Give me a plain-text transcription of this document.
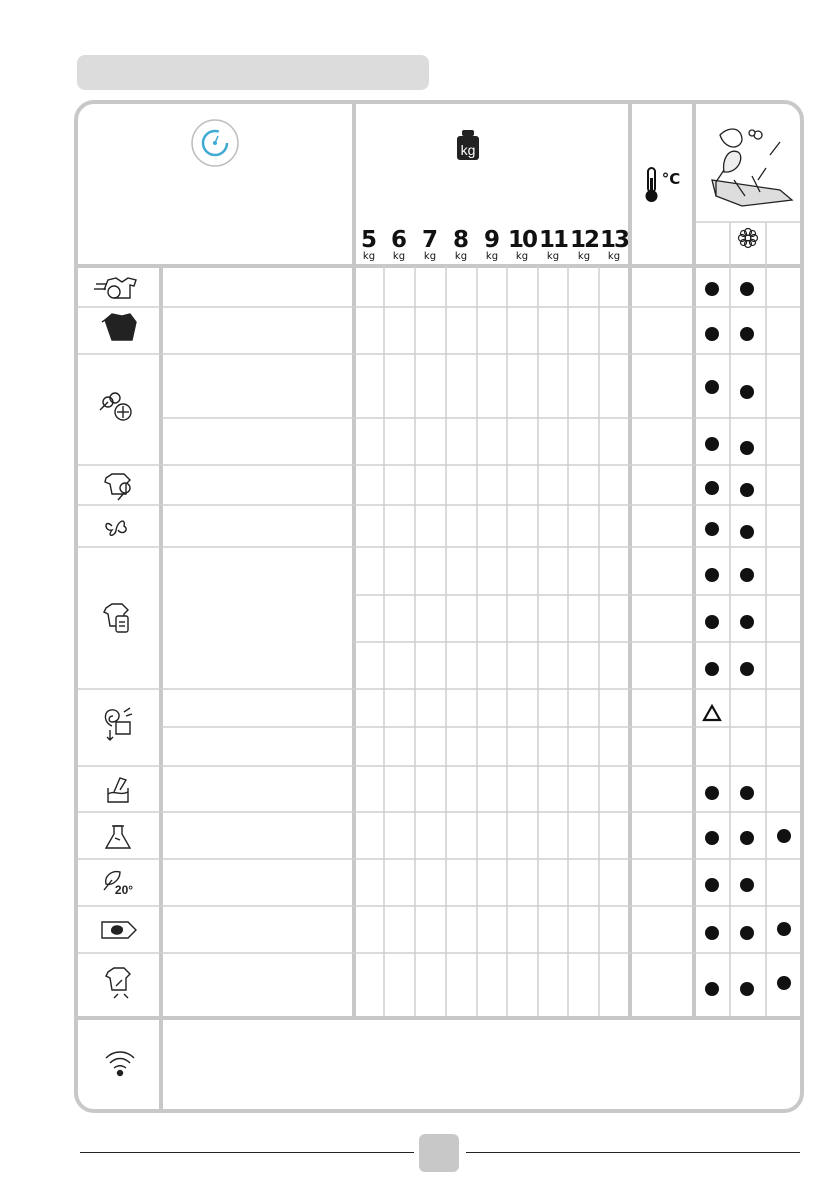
kg
5
kg
6
kg
7
kg
8
kg
9
kg
10
kg
11
kg
12
kg
13
kg
°C
20°
